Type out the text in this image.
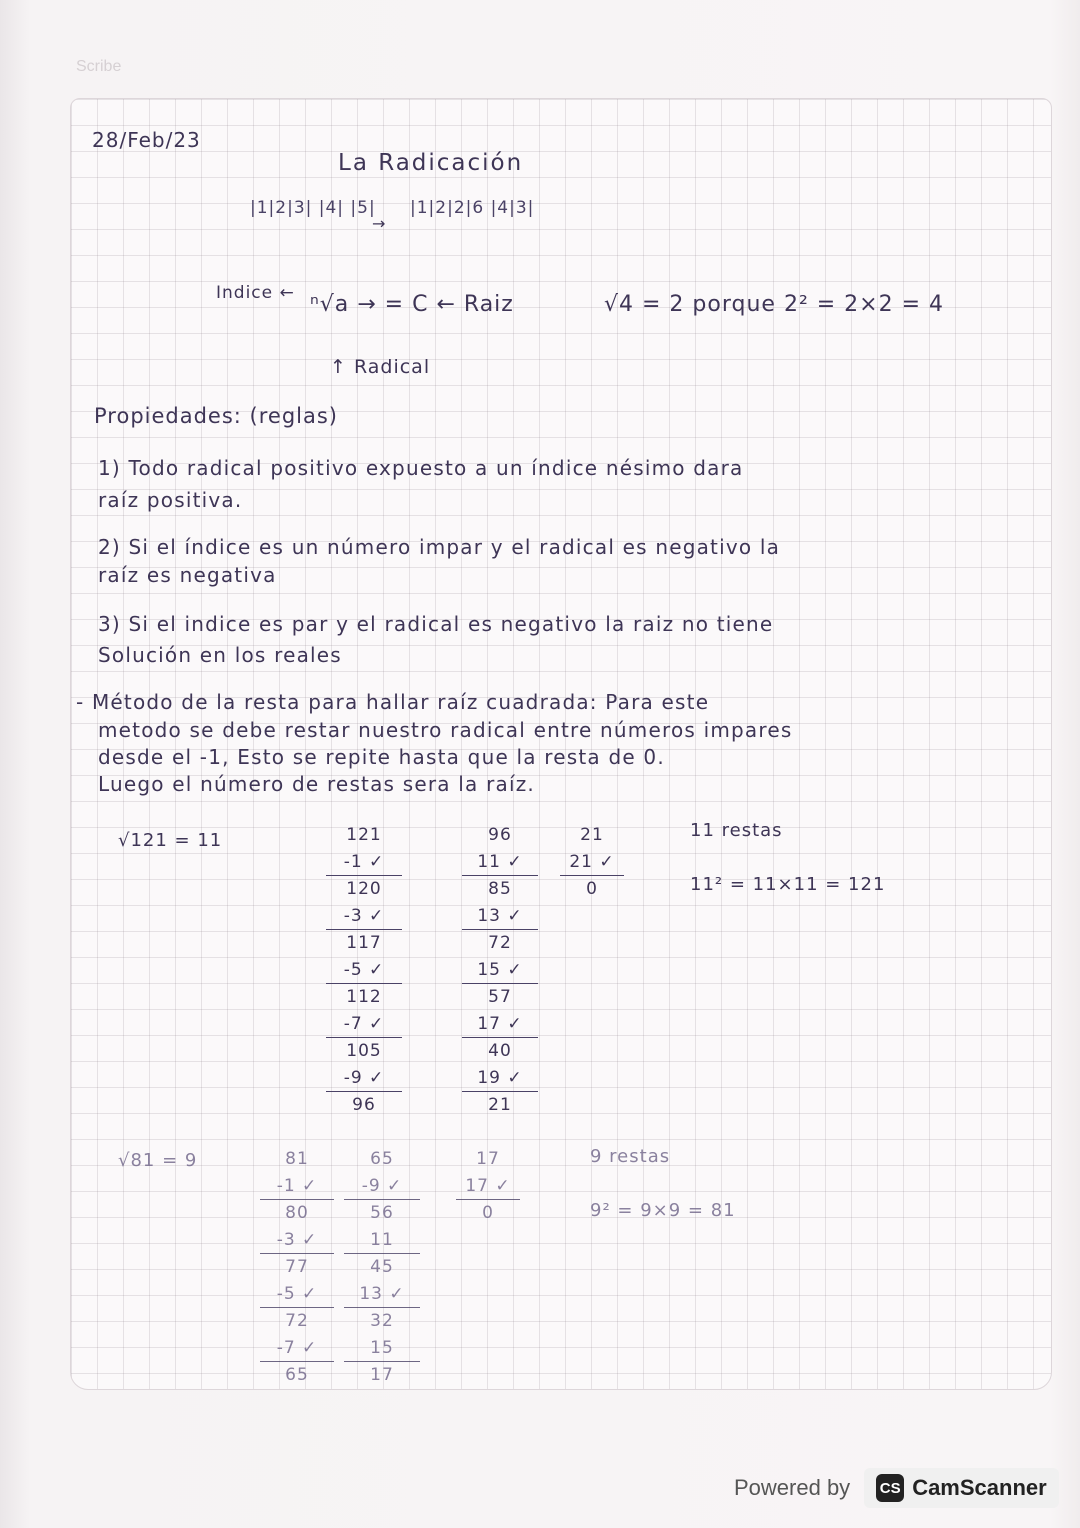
Scribe
28/Feb/23
La Radicación
|1|2|3| |4| |5|
→
|1|2|2|6 |4|3|
Indice ← ⁿ√a → = C ← Raiz
↑ Radical
√4 = 2 porque 2² = 2×2 = 4
Propiedades: (reglas)
1) Todo radical positivo expuesto a un índice nésimo dara
raíz positiva.
2) Si el índice es un número impar y el radical es negativo la
raíz es negativa
3) Si el indice es par y el radical es negativo la raiz no tiene
Solución en los reales
- Método de la resta para hallar raíz cuadrada: Para este
metodo se debe restar nuestro radical entre números impares
desde el -1, Esto se repite hasta que la resta de 0.
Luego el número de restas sera la raíz.
√121 = 11	121
-1 ✓
120
-3 ✓
117
-5 ✓
112
-7 ✓
105
-9 ✓
96
96
11 ✓
85
13 ✓
72
15 ✓
57
17 ✓
40
19 ✓
21
21
21 ✓
0
11 restas
11² = 11×11 = 121
√81 = 9	81
-1 ✓
80
-3 ✓
77
-5 ✓
72
-7 ✓
65
65
-9 ✓
56
11
45
13 ✓
32
15
17
17
17 ✓
0
9 restas
9² = 9×9 = 81
Powered by CS CamScanner
